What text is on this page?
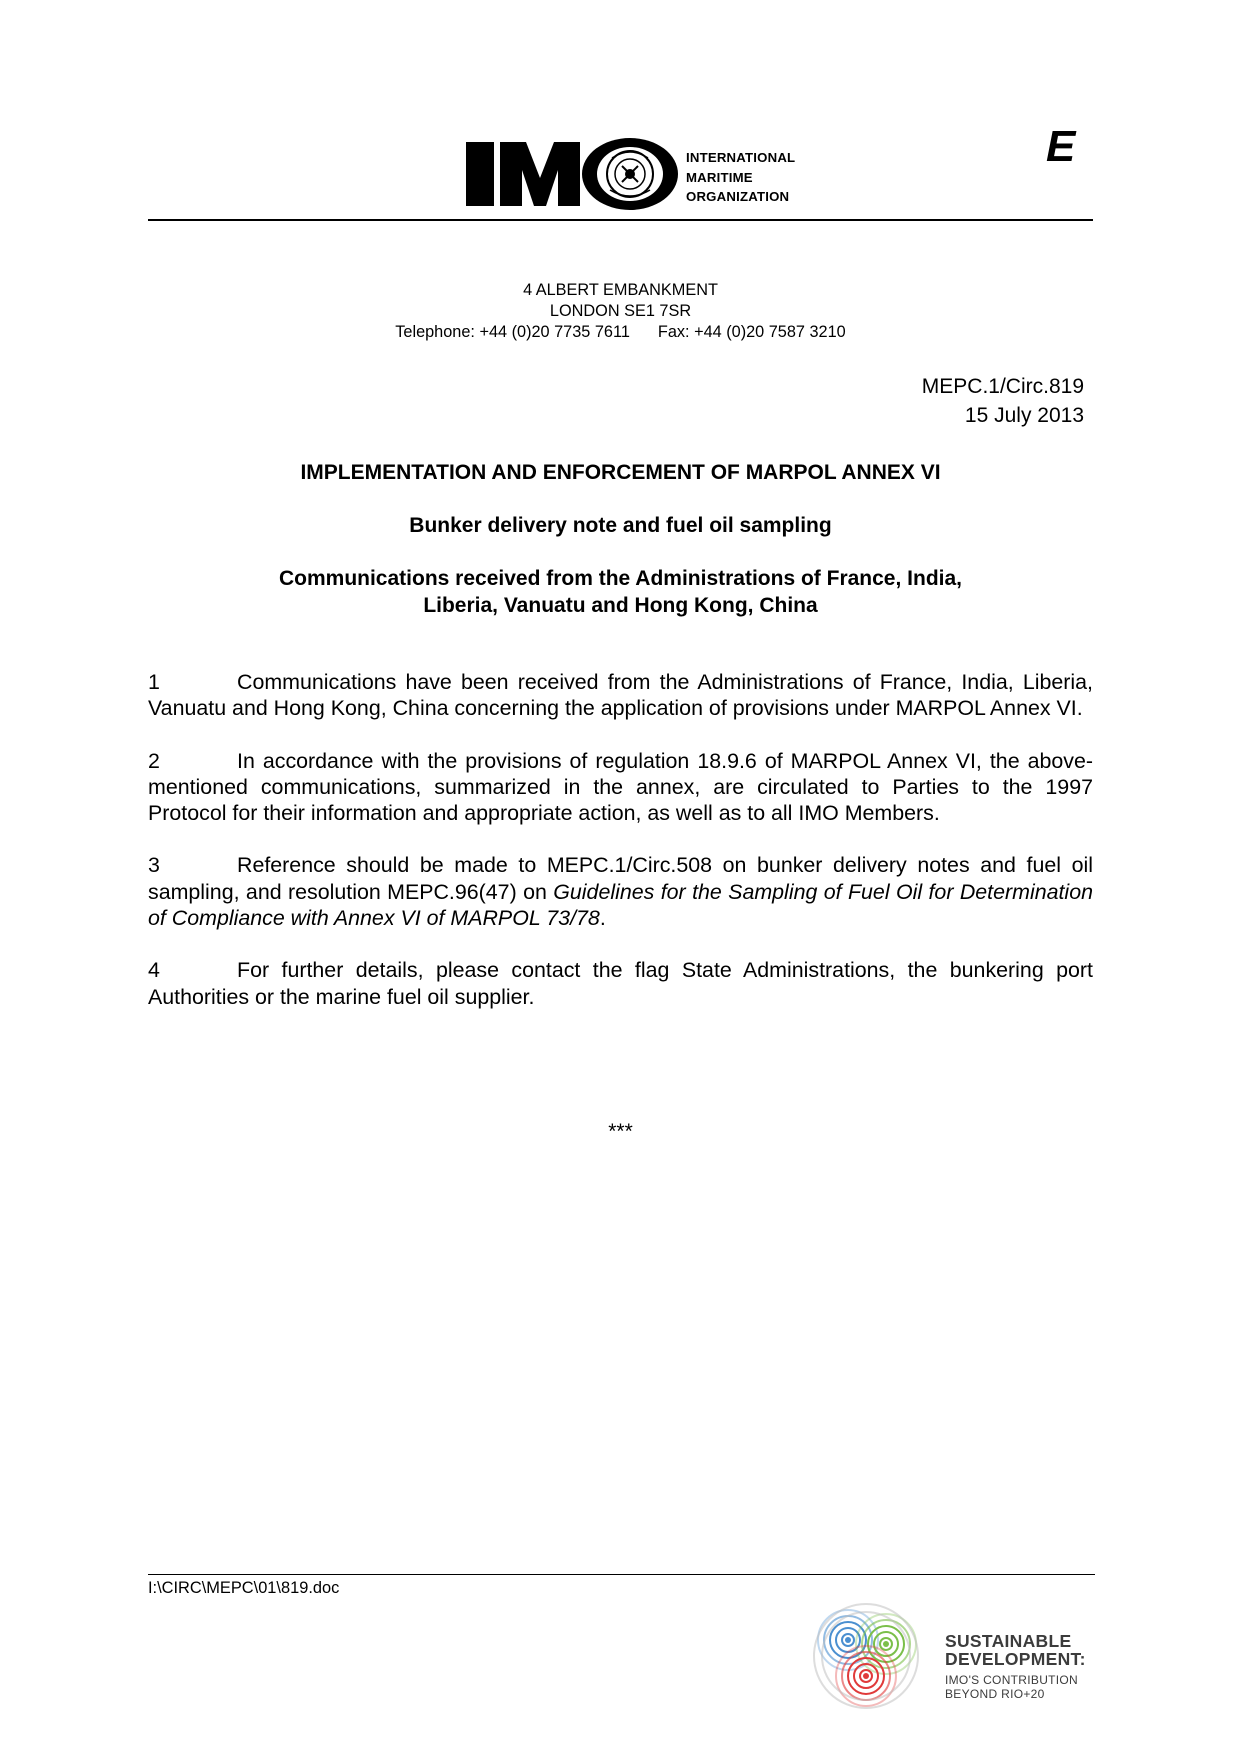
INTERNATIONAL
MARITIME
ORGANIZATION
E
4 ALBERT EMBANKMENT
LONDON SE1 7SR
Telephone: +44 (0)20 7735 7611 Fax: +44 (0)20 7587 3210
MEPC.1/Circ.819
15 July 2013
IMPLEMENTATION AND ENFORCEMENT OF MARPOL ANNEX VI
Bunker delivery note and fuel oil sampling
Communications received from the Administrations of France, India,
Liberia, Vanuatu and Hong Kong, China

1	Communications have been received from the Administrations of France, India, Liberia, Vanuatu and Hong Kong, China concerning the application of provisions under MARPOL Annex VI.

2	In accordance with the provisions of regulation 18.9.6 of MARPOL Annex VI, the above-mentioned communications, summarized in the annex, are circulated to Parties to the 1997 Protocol for their information and appropriate action, as well as to all IMO Members.

3	Reference should be made to MEPC.1/Circ.508 on bunker delivery notes and fuel oil sampling, and resolution MEPC.96(47) on Guidelines for the Sampling of Fuel Oil for Determination of Compliance with Annex VI of MARPOL 73/78.

4	For further details, please contact the flag State Administrations, the bunkering port Authorities or the marine fuel oil supplier.

***
I:\CIRC\MEPC\01\819.doc
SUSTAINABLE
DEVELOPMENT:
IMO'S CONTRIBUTION
BEYOND RIO+20
